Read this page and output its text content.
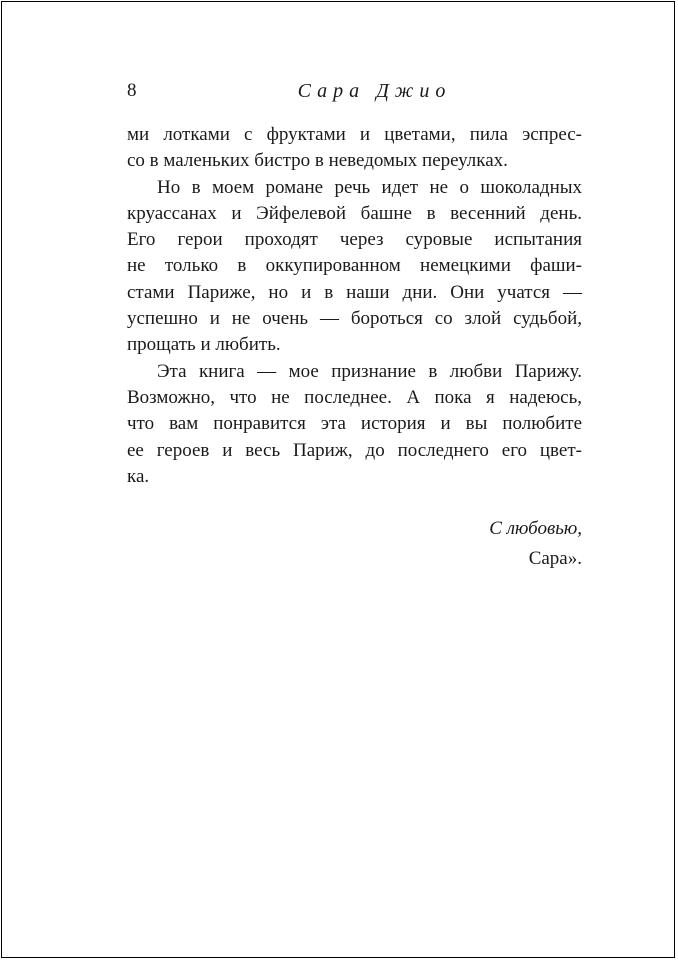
8	Сара Джио

ми лотками с фруктами и цветами, пила эспрес-
со в маленьких бистро в неведомых переулках.

Но в моем романе речь идет не о шоколадных
круассанах и Эйфелевой башне в весенний день.
Его герои проходят через суровые испытания
не только в оккупированном немецкими фаши-
стами Париже, но и в наши дни. Они учатся —
успешно и не очень — бороться со злой судьбой,
прощать и любить.

Эта книга — мое признание в любви Парижу.
Возможно, что не последнее. А пока я надеюсь,
что вам понравится эта история и вы полюбите
ее героев и весь Париж, до последнего его цвет-
ка.

С любовью,
Сара».
